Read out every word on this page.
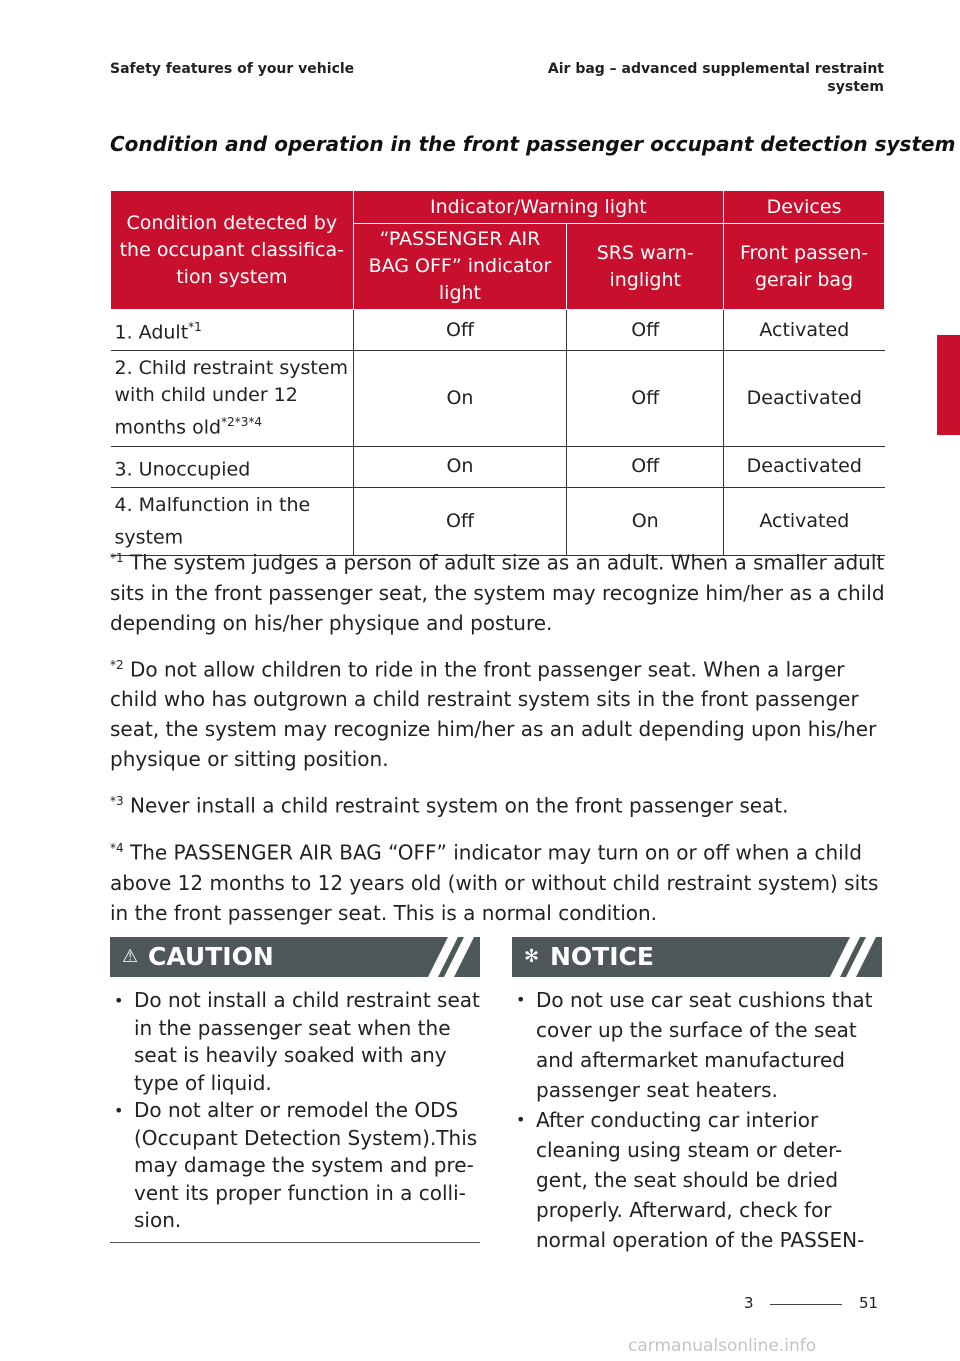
Safety features of your vehicle	Air bag – advanced supplemental restraint
system
Condition and operation in the front passenger occupant detection system
Condition detected by the occupant classifica-tion system	Indicator/Warning light		Devices
	“PASSENGER AIR BAG OFF” indicator light	SRS warn-inglight	Front passen-gerair bag
1. Adult$^{*1}$	Off	Off	Activated
2. Child restraint system with child under 12 months old$^{*2*3*4}$	On	Off	Deactivated
3. Unoccupied	On	Off	Deactivated
4. Malfunction in the system	Off	On	Activated

$^{*1}$ The system judges a person of adult size as an adult. When a smaller adult sits in the front passenger seat, the system may recognize him/her as a child depending on his/her physique and posture.

$^{*2}$ Do not allow children to ride in the front passenger seat. When a larger child who has outgrown a child restraint system sits in the front passenger seat, the system may recognize him/her as an adult depending upon his/her physique or sitting position.

$^{*3}$ Never install a child restraint system on the front passenger seat.

$^{*4}$ The PASSENGER AIR BAG “OFF” indicator may turn on or off when a child above 12 months to 12 years old (with or without child restraint system) sits in the front passenger seat. This is a normal condition.

⚠ CAUTION
• Do not install a child restraint seat in the passenger seat when the seat is heavily soaked with any type of liquid.
• Do not alter or remodel the ODS (Occupant Detection System).This may damage the system and pre-vent its proper function in a colli-sion.
✻ NOTICE
• Do not use car seat cushions that cover up the surface of the seat and aftermarket manufactured passenger seat heaters.
• After conducting car interior cleaning using steam or deter-gent, the seat should be dried properly. Afterward, check for normal operation of the PASSEN-
3
3	51
carmanualsonline.info
